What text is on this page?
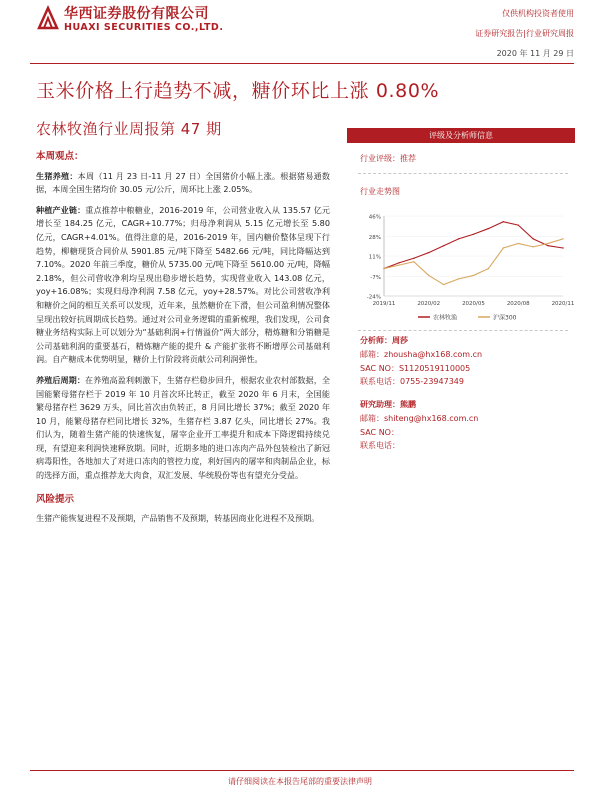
华西证券股份有限公司
HUAXI SECURITIES CO.,LTD.
仅供机构投资者使用
证券研究报告|行业研究周报
2020 年 11 月 29 日
玉米价格上行趋势不减，糖价环比上涨 0.80%
农林牧渔行业周报第 47 期
本周观点：

生猪养殖：本周（11 月 23 日-11 月 27 日）全国猪价小幅上涨。根据猪易通数据，本周全国生猪均价 30.05 元/公斤，周环比上涨 2.05%。

种植产业链：重点推荐中粮糖业，2016-2019 年，公司营业收入从 135.57 亿元增长至 184.25 亿元，CAGR+10.77%；归母净利润从 5.15 亿元增长至 5.80 亿元，CAGR+4.01%。值得注意的是，2016-2019 年，国内糖价整体呈现下行趋势，柳糖现货合同价从 5901.85 元/吨下降至 5482.66 元/吨，同比降幅达到 7.10%。2020 年前三季度，糖价从 5735.00 元/吨下降至 5610.00 元/吨，降幅 2.18%，但公司营收净利均呈现出稳步增长趋势，实现营业收入 143.08 亿元，yoy+16.08%；实现归母净利润 7.58 亿元，yoy+28.57%。对比公司营收净利和糖价之间的相互关系可以发现，近年来，虽然糖价在下滑，但公司盈利情况整体呈现出较好抗周期成长趋势。通过对公司业务逻辑的重新梳理，我们发现，公司食糖业务结构实际上可以划分为“基础利润+行情溢价”两大部分，精炼糖和分销糖是公司基础利润的重要基石，精炼糖产能的提升 & 产能扩张将不断增厚公司基础利润。自产糖成本优势明显，糖价上行阶段将贡献公司利润弹性。

养殖后周期：在养殖高盈利刺激下，生猪存栏稳步回升，根据农业农村部数据，全国能繁母猪存栏于 2019 年 10 月首次环比转正，截至 2020 年 6 月末，全国能繁母猪存栏 3629 万头，同比首次由负转正，8 月同比增长 37%；截至 2020 年 10 月，能繁母猪存栏同比增长 32%，生猪存栏 3.87 亿头，同比增长 27%。我们认为，随着生猪产能的快速恢复，屠宰企业开工率提升和成本下降逻辑持续兑现，有望迎来利润快速释放期。同时，近期多地的进口冻肉产品外包装检出了新冠病毒阳性，各地加大了对进口冻肉的管控力度，利好国内的屠宰和肉制品企业，标的选择方面，重点推荐龙大肉食，双汇发展、华统股份等也有望充分受益。

风险提示

生猪产能恢复进程不及预期，产品销售不及预期，转基因商业化进程不及预期。

评级及分析师信息
行业评级：推荐
行业走势图
46%
28%
11%
-7%
-24%
2019/11	2020/02	2020/05	2020/08	2020/11
农林牧渔	沪深300
分析师：周莎
邮箱：zhousha@hx168.com.cn
SAC NO：S1120519110005
联系电话：0755-23947349
研究助理：熊鹏
邮箱：shiteng@hx168.com.cn
SAC NO：
联系电话：
请仔细阅读在本报告尾部的重要法律声明
